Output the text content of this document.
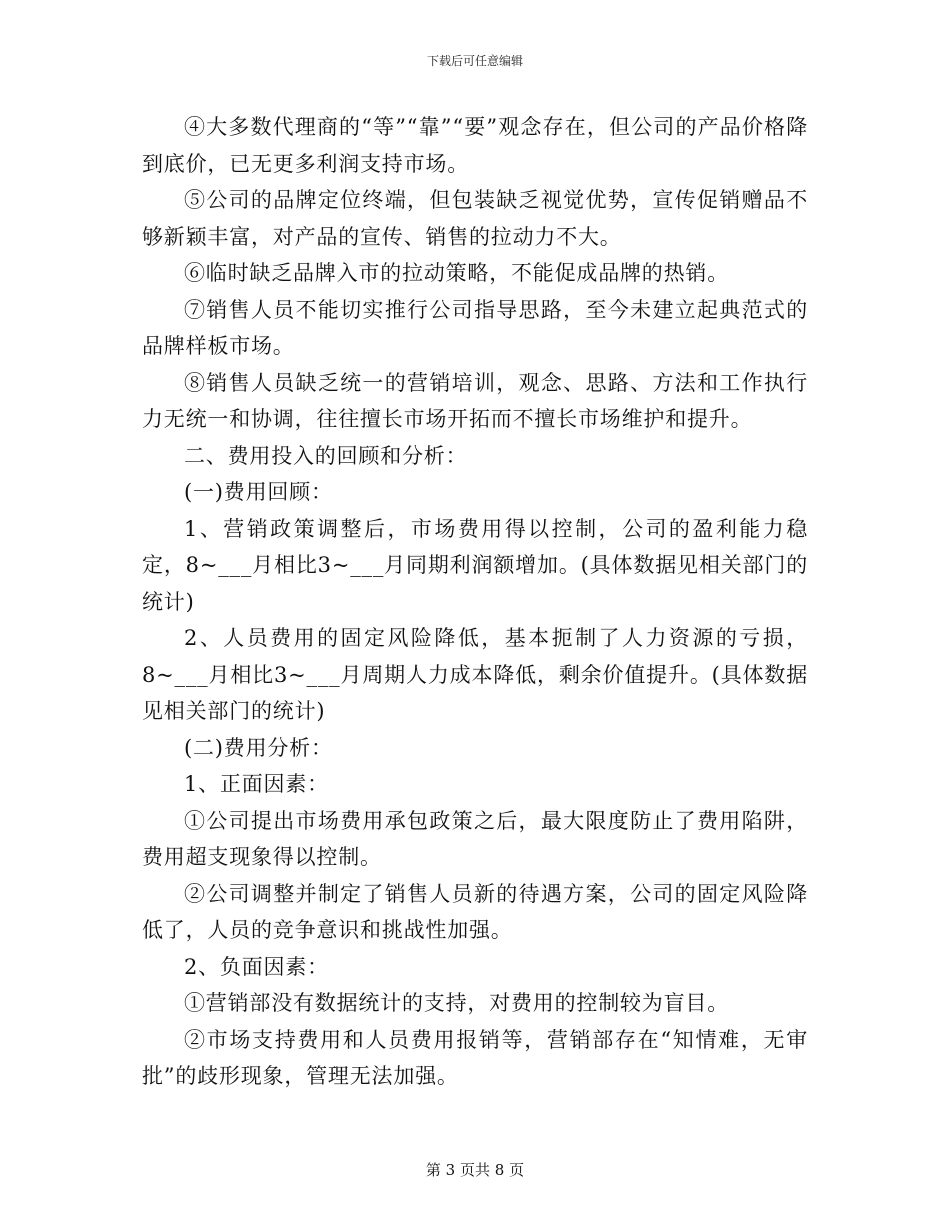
下载后可任意编辑

④大多数代理商的“等”“靠”“要”观念存在，但公司的产品价格降到底价，已无更多利润支持市场。

⑤公司的品牌定位终端，但包装缺乏视觉优势，宣传促销赠品不够新颖丰富，对产品的宣传、销售的拉动力不大。

⑥临时缺乏品牌入市的拉动策略，不能促成品牌的热销。

⑦销售人员不能切实推行公司指导思路，至今未建立起典范式的品牌样板市场。

⑧销售人员缺乏统一的营销培训，观念、思路、方法和工作执行力无统一和协调，往往擅长市场开拓而不擅长市场维护和提升。

二、费用投入的回顾和分析：

(一)费用回顾：

1、营销政策调整后，市场费用得以控制，公司的盈利能力稳定，8~___月相比3~___月同期利润额增加。(具体数据见相关部门的统计)

2、人员费用的固定风险降低，基本扼制了人力资源的亏损，8~___月相比3~___月周期人力成本降低，剩余价值提升。(具体数据见相关部门的统计)

(二)费用分析：

1、正面因素：

①公司提出市场费用承包政策之后，最大限度防止了费用陷阱，费用超支现象得以控制。

②公司调整并制定了销售人员新的待遇方案，公司的固定风险降低了，人员的竞争意识和挑战性加强。

2、负面因素：

①营销部没有数据统计的支持，对费用的控制较为盲目。

②市场支持费用和人员费用报销等，营销部存在“知情难，无审批”的歧形现象，管理无法加强。

第 3 页共 8 页
